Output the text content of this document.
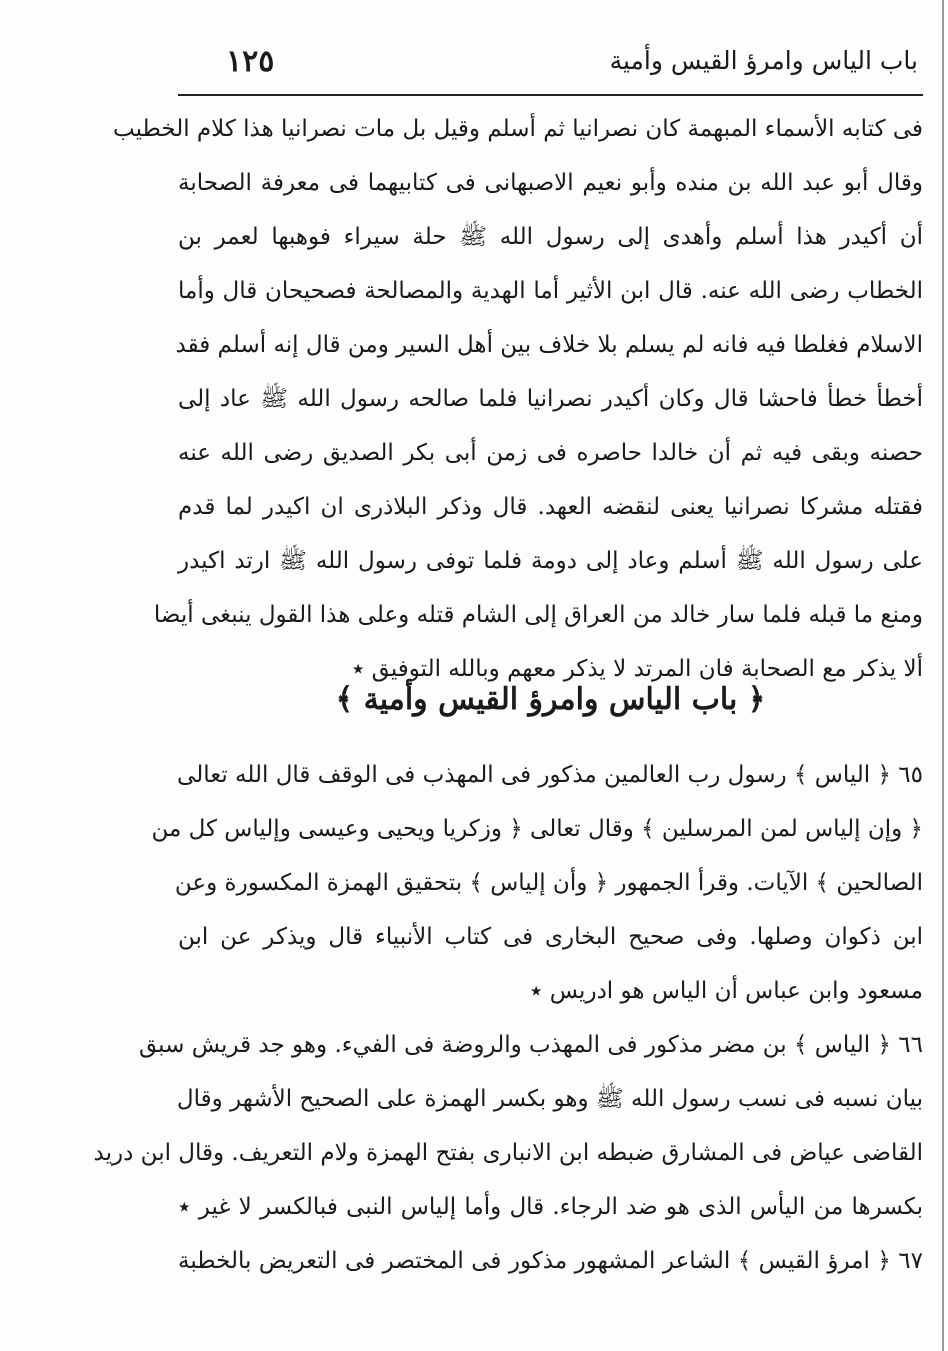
باب الياس وامرؤ القيس وأمية
١٢٥
فى كتابه الأسماء المبهمة كان نصرانيا ثم أسلم وقيل بل مات نصرانيا هذا كلام الخطيب
وقال أبو عبد الله بن منده وأبو نعيم الاصبهانى فى كتابيهما فى معرفة الصحابة
أن أكيدر هذا أسلم وأهدى إلى رسول الله ﷺ حلة سيراء فوهبها لعمر بن
الخطاب رضى الله عنه. قال ابن الأثير أما الهدية والمصالحة فصحيحان قال وأما
الاسلام فغلطا فيه فانه لم يسلم بلا خلاف بين أهل السير ومن قال إنه أسلم فقد
أخطأ خطأ فاحشا قال وكان أكيدر نصرانيا فلما صالحه رسول الله ﷺ عاد إلى
حصنه وبقى فيه ثم أن خالدا حاصره فى زمن أبى بكر الصديق رضى الله عنه
فقتله مشركا نصرانيا يعنى لنقضه العهد. قال وذكر البلاذرى ان اكيدر لما قدم
على رسول الله ﷺ أسلم وعاد إلى دومة فلما توفى رسول الله ﷺ ارتد اكيدر
ومنع ما قبله فلما سار خالد من العراق إلى الشام قتله وعلى هذا القول ينبغى أيضا
ألا يذكر مع الصحابة فان المرتد لا يذكر معهم وبالله التوفيق ٭
﴿ باب الياس وامرؤ القيس وأمية ﴾
٦٥ ﴿ الياس ﴾ رسول رب العالمين مذكور فى المهذب فى الوقف قال الله تعالى
﴿ وإن إلياس لمن المرسلين ﴾ وقال تعالى ﴿ وزكريا ويحيى وعيسى وإلياس كل من
الصالحين ﴾ الآيات. وقرأ الجمهور ﴿ وأن إلياس ﴾ بتحقيق الهمزة المكسورة وعن
ابن ذكوان وصلها. وفى صحيح البخارى فى كتاب الأنبياء قال ويذكر عن ابن
مسعود وابن عباس أن الياس هو ادريس ٭
٦٦ ﴿ الياس ﴾ بن مضر مذكور فى المهذب والروضة فى الفيء. وهو جد قريش سبق
بيان نسبه فى نسب رسول الله ﷺ وهو بكسر الهمزة على الصحيح الأشهر وقال
القاضى عياض فى المشارق ضبطه ابن الانبارى بفتح الهمزة ولام التعريف. وقال ابن دريد
بكسرها من اليأس الذى هو ضد الرجاء. قال وأما إلياس النبى فبالكسر لا غير ٭
٦٧ ﴿ امرؤ القيس ﴾ الشاعر المشهور مذكور فى المختصر فى التعريض بالخطبة
